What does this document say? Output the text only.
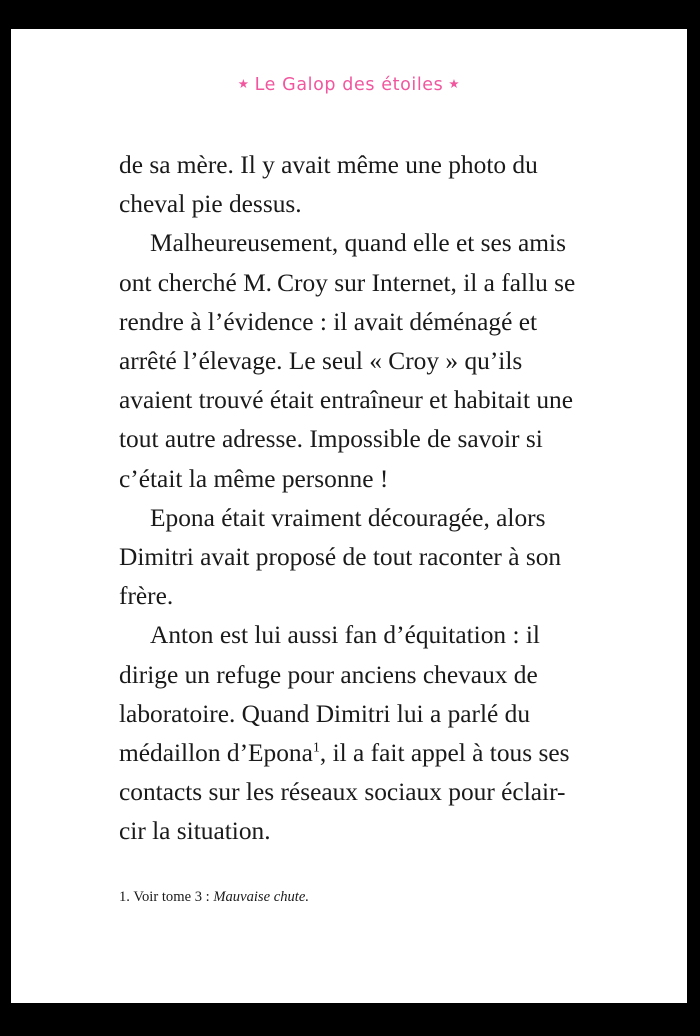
★ Le Galop des étoiles ★

de sa mère. Il y avait même une photo du cheval pie dessus.

Malheureusement, quand elle et ses amis ont cherché M. Croy sur Internet, il a fallu se rendre à l’évidence : il avait déménagé et arrêté l’élevage. Le seul « Croy » qu’ils avaient trouvé était entraîneur et habitait une tout autre adresse. Impossible de savoir si c’était la même personne !

Epona était vraiment découragée, alors Dimitri avait proposé de tout raconter à son frère.

Anton est lui aussi fan d’équitation : il dirige un refuge pour anciens chevaux de laboratoire. Quand Dimitri lui a parlé du médaillon d’Epona$^1$, il a fait appel à tous ses contacts sur les réseaux sociaux pour éclair-cir la situation.

1. Voir tome 3 : Mauvaise chute.
